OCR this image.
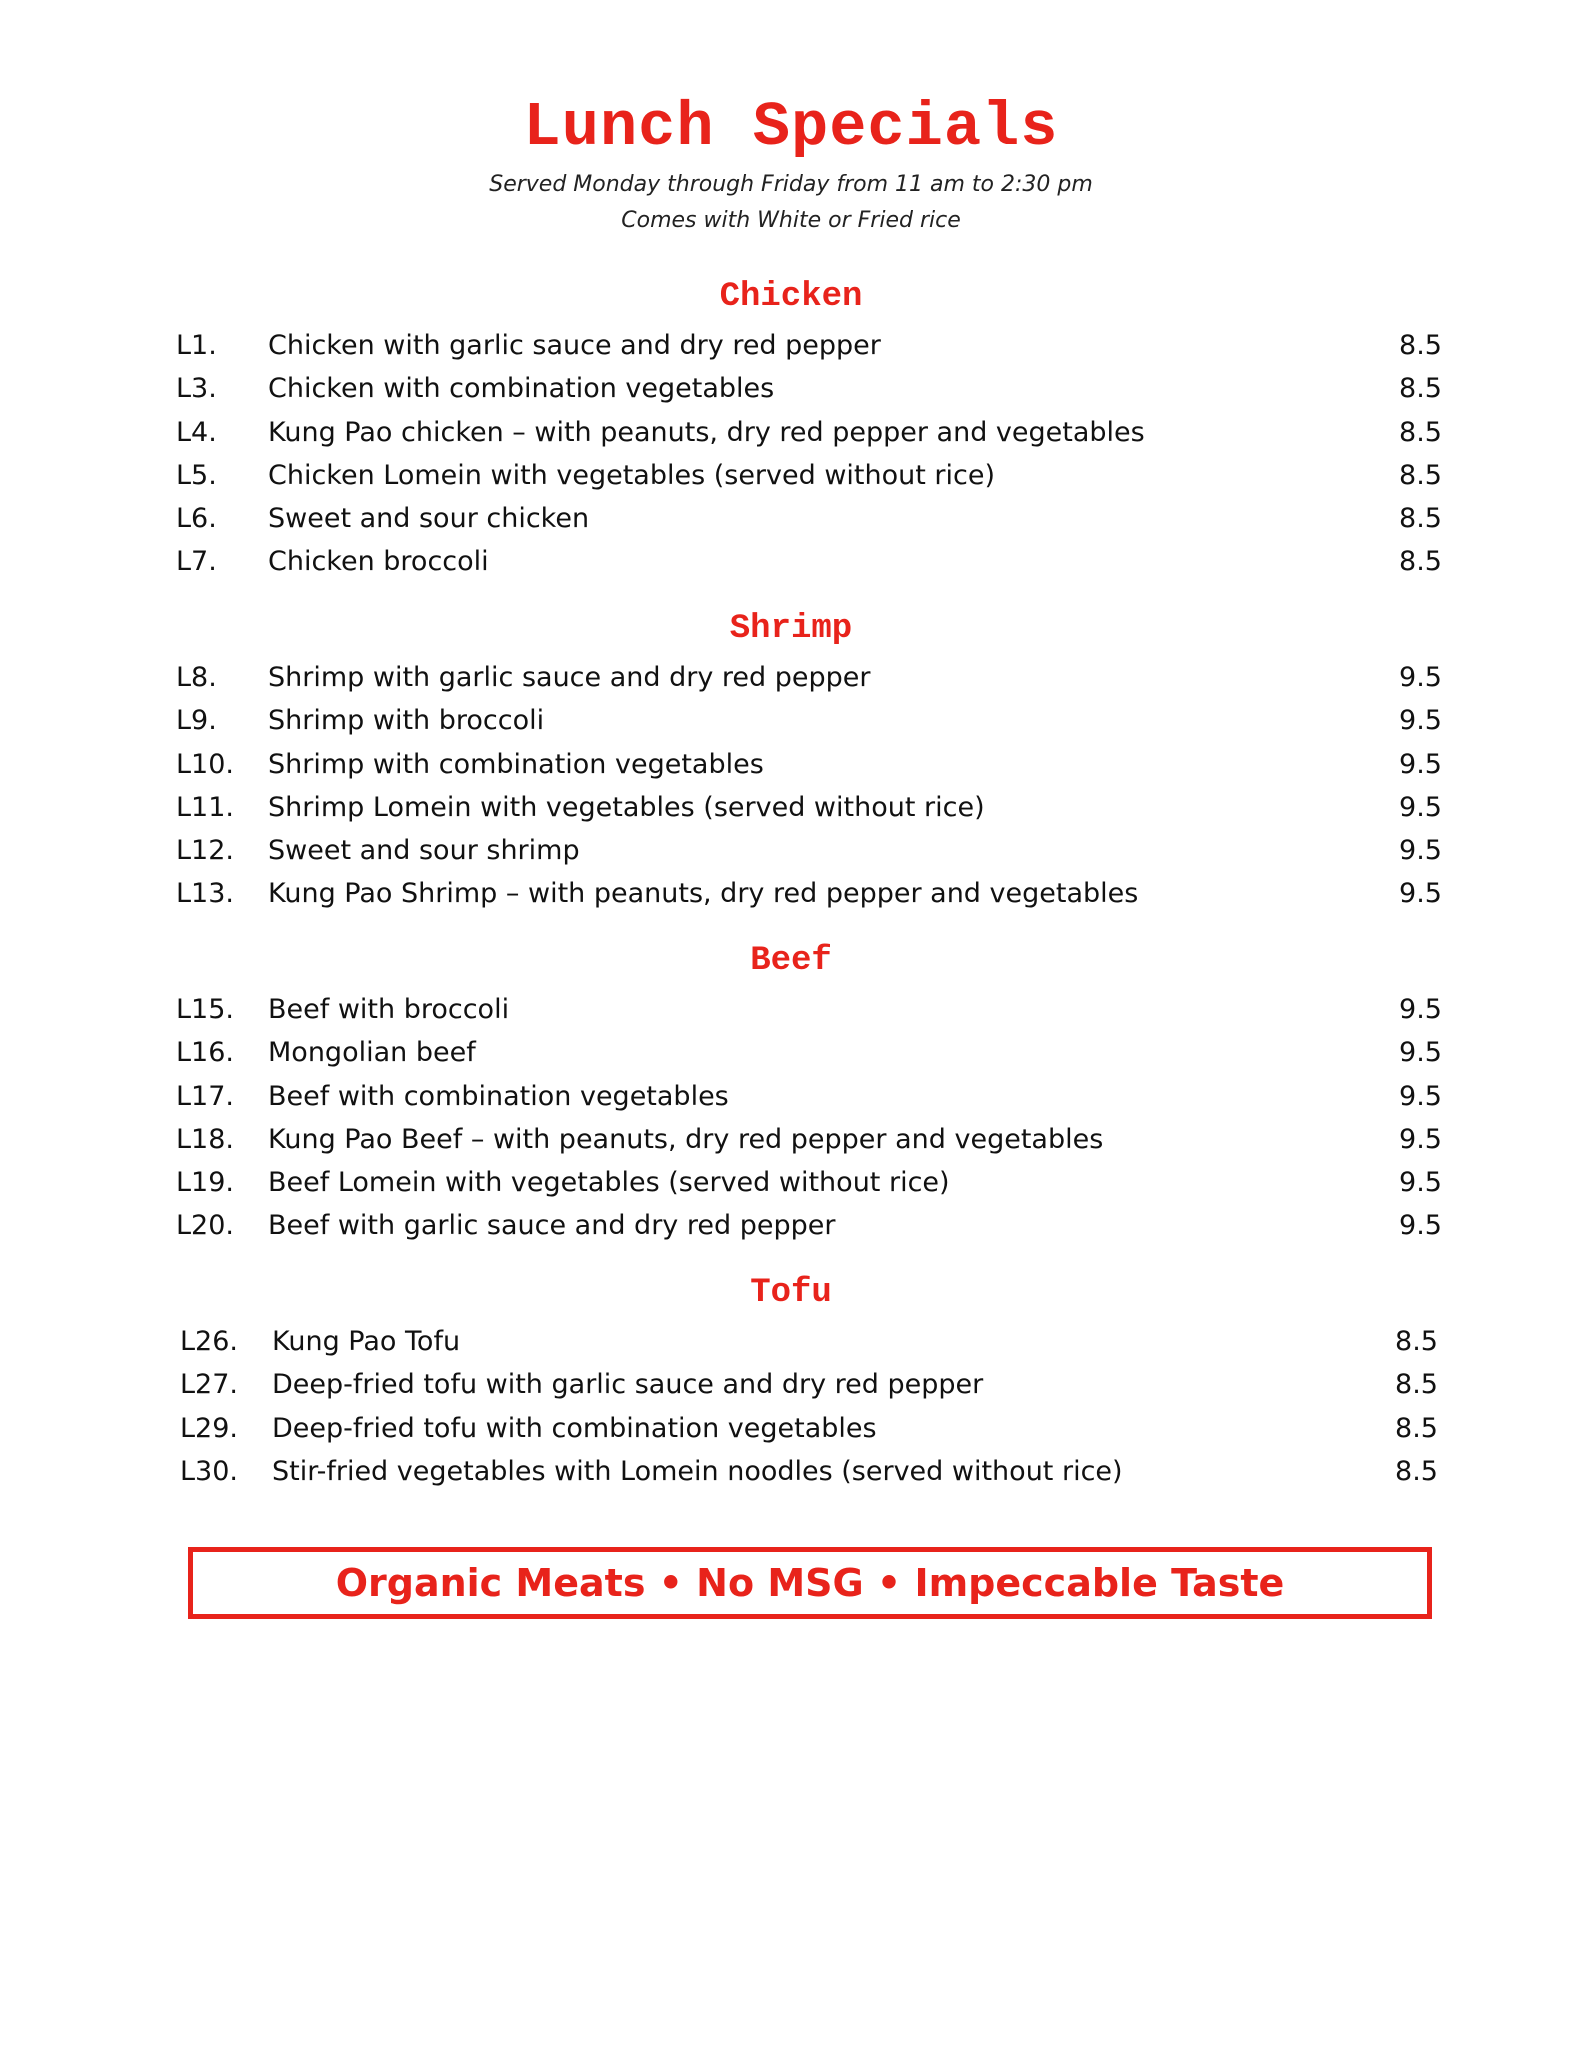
Lunch Specials
Served Monday through Friday from 11 am to 2:30 pm
Comes with White or Fried rice
Chicken
L1. Chicken with garlic sauce and dry red pepper	8.5
L3. Chicken with combination vegetables	8.5
L4. Kung Pao chicken – with peanuts, dry red pepper and vegetables	8.5
L5. Chicken Lomein with vegetables (served without rice)	8.5
L6. Sweet and sour chicken	8.5
L7. Chicken broccoli	8.5
Shrimp
L8. Shrimp with garlic sauce and dry red pepper	9.5
L9. Shrimp with broccoli	9.5
L10. Shrimp with combination vegetables	9.5
L11. Shrimp Lomein with vegetables (served without rice)	9.5
L12. Sweet and sour shrimp	9.5
L13. Kung Pao Shrimp – with peanuts, dry red pepper and vegetables	9.5
Beef
L15. Beef with broccoli	9.5
L16. Mongolian beef	9.5
L17. Beef with combination vegetables	9.5
L18. Kung Pao Beef – with peanuts, dry red pepper and vegetables	9.5
L19. Beef Lomein with vegetables (served without rice)	9.5
L20. Beef with garlic sauce and dry red pepper	9.5
Tofu
L26. Kung Pao Tofu	8.5
L27. Deep-fried tofu with garlic sauce and dry red pepper	8.5
L29. Deep-fried tofu with combination vegetables	8.5
L30. Stir-fried vegetables with Lomein noodles (served without rice)	8.5
Organic Meats • No MSG • Impeccable Taste
